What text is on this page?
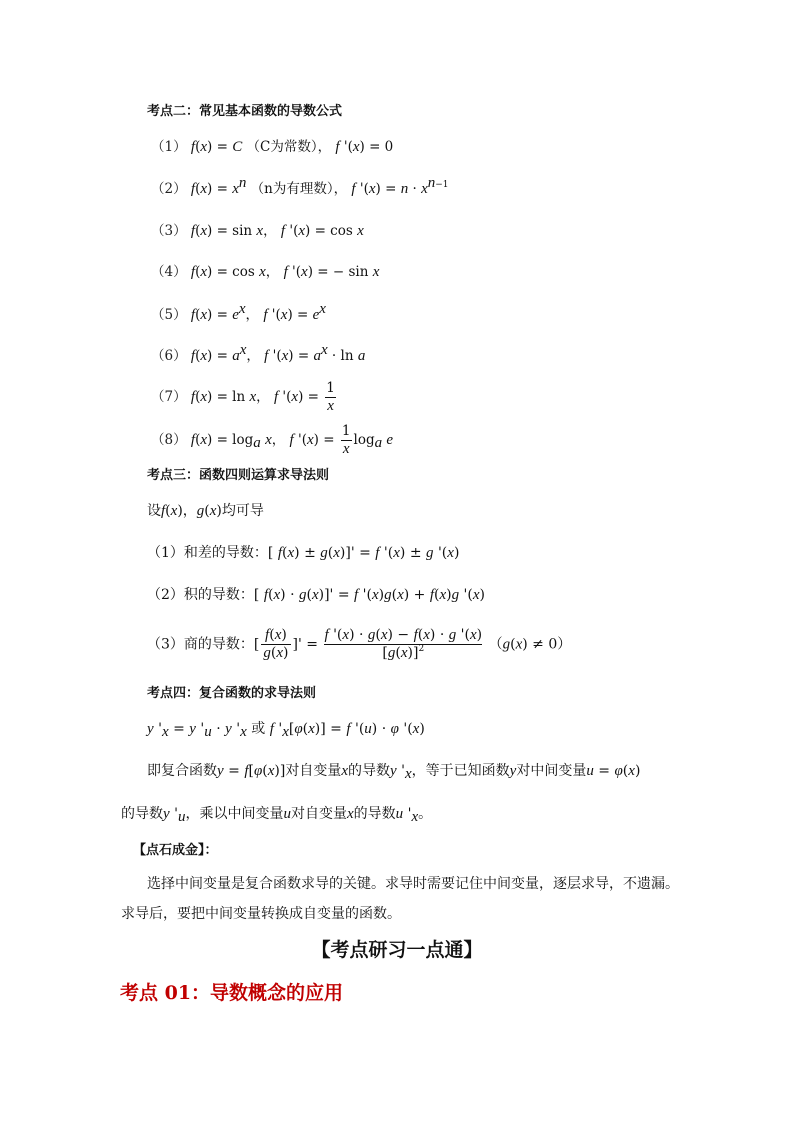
考点二：常见基本函数的导数公式
（1） f(x) = C （C为常数）， f '(x) = 0
（2） $f(x) = x^n$ （n为有理数）， f '$(x) = n \cdot x^{n-1}$
（3） f(x) = sin x， f '(x) = cos x
（4） f(x) = cos x， f '(x) = − sin x
（5） $f(x) = e^x$， f '$(x) = e^x$
（6） $f(x) = a^x$， f '$(x) = a^x \cdot \ln a$
（7） f(x) = ln x， f '$(x) = \frac{1}{x}$
（8） $f(x) = \log_a x$， f '$(x) = \frac{1}{x} \log_a e$
考点三：函数四则运算求导法则
设f(x)，g(x)均可导
（1）和差的导数：[ f(x) ± g(x)]' = f '(x) ± g '(x)
（2）积的导数：[ f(x) · g(x)]' = f '(x)g(x) + f(x)g '(x)
（3）商的导数：[ $\frac{f(x)}{g(x)}$ ]' = $\frac{f '(x) \cdot g(x) - f(x) \cdot g '(x)}{[g(x)]^2} (g(x) \ne 0)$
考点四：复合函数的求导法则
y '$_x = y$ '$_u \cdot y$ '$_x$ 或 f '$_x[\varphi(x)] = f$ '(u) · φ '(x)
即复合函数y = f[φ(x)]对自变量x的导数y '$_x$，等于已知函数y对中间变量u = φ(x)
的导数y '$_u$，乘以中间变量u对自变量x的导数u '$_x$。
【点石成金】：
选择中间变量是复合函数求导的关键。求导时需要记住中间变量，逐层求导，不遗漏。
求导后，要把中间变量转换成自变量的函数。
【考点研习一点通】
考点 01：导数概念的应用
